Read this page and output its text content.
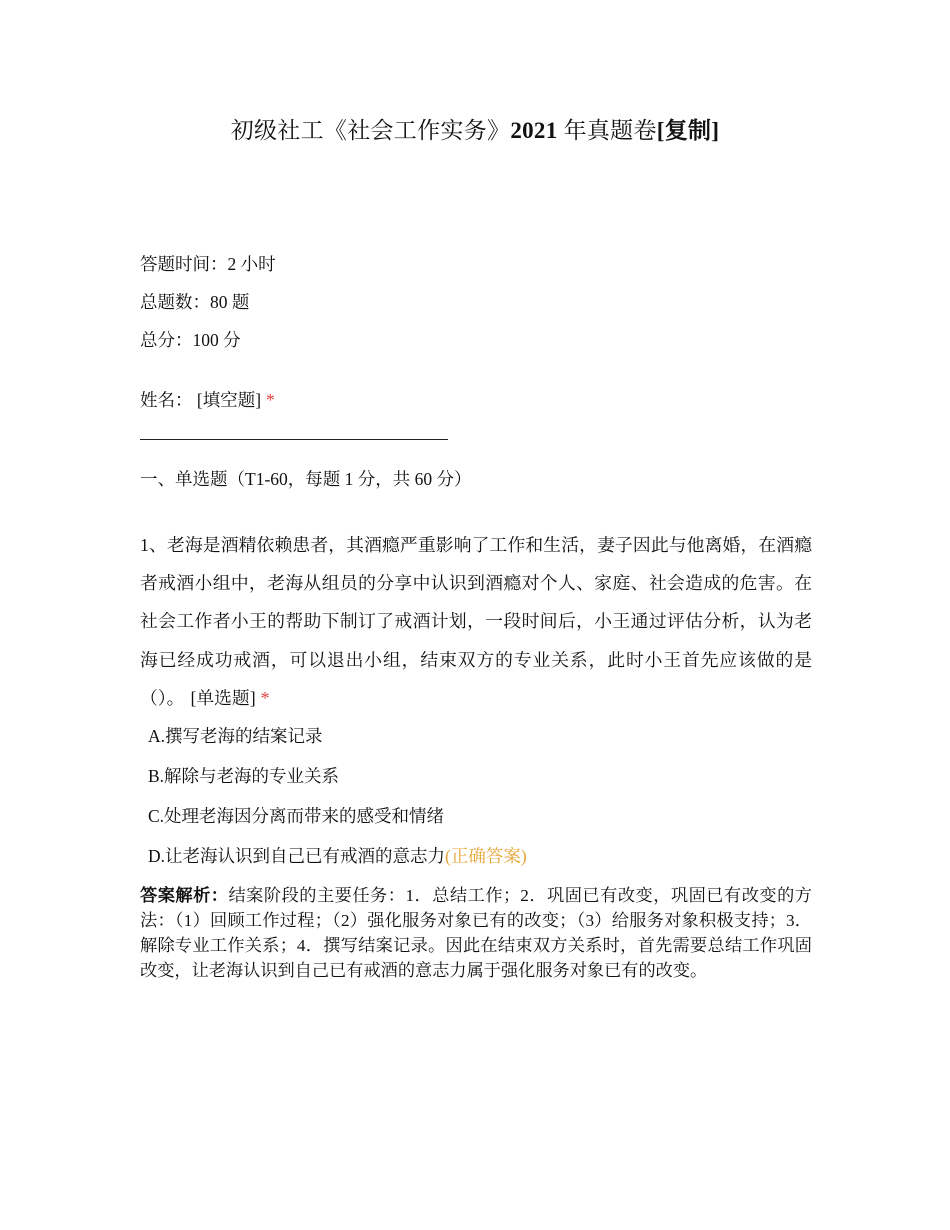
初级社工《社会工作实务》2021 年真题卷[复制]
答题时间：2 小时
总题数：80 题
总分：100 分
姓名： [填空题] *
一、单选题（T1-60，每题 1 分，共 60 分）
1、老海是酒精依赖患者，其酒瘾严重影响了工作和生活，妻子因此与他离婚，在酒瘾者戒酒小组中，老海从组员的分享中认识到酒瘾对个人、家庭、社会造成的危害。在社会工作者小王的帮助下制订了戒酒计划，一段时间后，小王通过评估分析，认为老海已经成功戒酒，可以退出小组，结束双方的专业关系，此时小王首先应该做的是（）。 [单选题] *
A.撰写老海的结案记录
B.解除与老海的专业关系
C.处理老海因分离而带来的感受和情绪
D.让老海认识到自己已有戒酒的意志力(正确答案)
答案解析：结案阶段的主要任务：1．总结工作；2．巩固已有改变，巩固已有改变的方法：（1）回顾工作过程；（2）强化服务对象已有的改变；（3）给服务对象积极支持；3．解除专业工作关系；4．撰写结案记录。因此在结束双方关系时，首先需要总结工作巩固改变，让老海认识到自己已有戒酒的意志力属于强化服务对象已有的改变。
